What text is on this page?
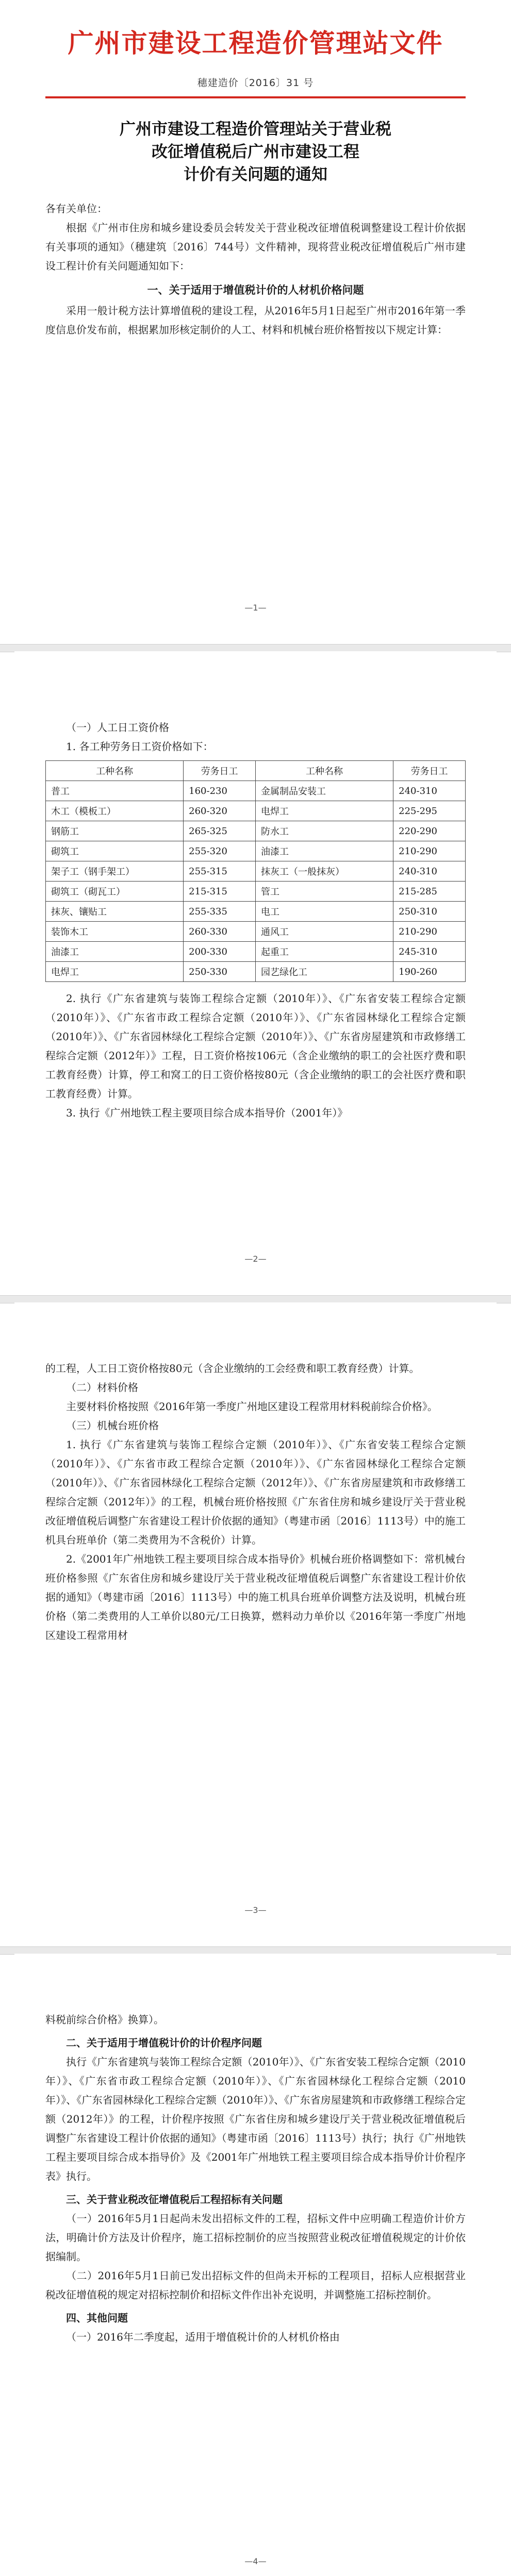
广州市建设工程造价管理站文件
穗建造价〔2016〕31 号
广州市建设工程造价管理站关于营业税
改征增值税后广州市建设工程
计价有关问题的通知

各有关单位：

根据《广州市住房和城乡建设委员会转发关于营业税改征增值税调整建设工程计价依据有关事项的通知》（穗建筑〔2016〕744号）文件精神，现将营业税改征增值税后广州市建设工程计价有关问题通知如下：

一、关于适用于增值税计价的人材机价格问题

采用一般计税方法计算增值税的建设工程，从2016年5月1日起至广州市2016年第一季度信息价发布前，根据累加形核定制价的人工、材料和机械台班价格暂按以下规定计算：

—1—

（一）人工日工资价格

1. 各工种劳务日工资价格如下：

工种名称	劳务日工	工种名称	劳务日工
普工	160-230	金属制品安装工	240-310
木工（模板工）	260-320	电焊工	225-295
钢筋工	265-325	防水工	220-290
砌筑工	255-320	油漆工	210-290
架子工（钢手架工）	255-315	抹灰工（一般抹灰）	240-310
砌筑工（砌瓦工）	215-315	管工	215-285
抹灰、镶贴工	255-335	电工	250-310
装饰木工	260-330	通风工	210-290
油漆工	200-330	起重工	245-310
电焊工	250-330	园艺绿化工	190-260

2. 执行《广东省建筑与装饰工程综合定额（2010年）》、《广东省安装工程综合定额（2010年）》、《广东省市政工程综合定额（2010年）》、《广东省园林绿化工程综合定额（2010年）》、《广东省园林绿化工程综合定额（2010年）》、《广东省房屋建筑和市政修缮工程综合定额（2012年）》工程，日工资价格按106元（含企业缴纳的职工的会社医疗费和职工教育经费）计算，停工和窝工的日工资价格按80元（含企业缴纳的职工的会社医疗费和职工教育经费）计算。

3. 执行《广州地铁工程主要项目综合成本指导价（2001年）》

—2—

的工程，人工日工资价格按80元（含企业缴纳的工会经费和职工教育经费）计算。

（二）材料价格

主要材料价格按照《2016年第一季度广州地区建设工程常用材料税前综合价格》。

（三）机械台班价格

1. 执行《广东省建筑与装饰工程综合定额（2010年）》、《广东省安装工程综合定额（2010年）》、《广东省市政工程综合定额（2010年）》、《广东省园林绿化工程综合定额（2010年）》、《广东省园林绿化工程综合定额（2012年）》、《广东省房屋建筑和市政修缮工程综合定额（2012年）》的工程，机械台班价格按照《广东省住房和城乡建设厅关于营业税改征增值税后调整广东省建设工程计价依据的通知》（粤建市函〔2016〕1113号）中的施工机具台班单价（第二类费用为不含税价）计算。

2.《2001年广州地铁工程主要项目综合成本指导价》机械台班价格调整如下：常机械台班价格参照《广东省住房和城乡建设厅关于营业税改征增值税后调整广东省建设工程计价依据的通知》（粤建市函〔2016〕1113号）中的施工机具台班单价调整方法及说明，机械台班价格（第二类费用的人工单价以80元/工日换算，燃料动力单价以《2016年第一季度广州地区建设工程常用材

—3—

料税前综合价格》换算）。

二、关于适用于增值税计价的计价程序问题

执行《广东省建筑与装饰工程综合定额（2010年）》、《广东省安装工程综合定额（2010年）》、《广东省市政工程综合定额（2010年）》、《广东省园林绿化工程综合定额（2010年）》、《广东省园林绿化工程综合定额（2010年）》、《广东省房屋建筑和市政修缮工程综合定额（2012年）》的工程，计价程序按照《广东省住房和城乡建设厅关于营业税改征增值税后调整广东省建设工程计价依据的通知》（粤建市函〔2016〕1113号）执行；执行《广州地铁工程主要项目综合成本指导价》及《2001年广州地铁工程主要项目综合成本指导价计价程序表》执行。

三、关于营业税改征增值税后工程招标有关问题

（一）2016年5月1日起尚未发出招标文件的工程，招标文件中应明确工程造价计价方法，明确计价方法及计价程序，施工招标控制价的应当按照营业税改征增值税规定的计价依据编制。

（二）2016年5月1日前已发出招标文件的但尚未开标的工程项目，招标人应根据营业税改征增值税的规定对招标控制价和招标文件作出补充说明，并调整施工招标控制价。

四、其他问题

（一）2016年二季度起，适用于增值税计价的人材机价格由

—4—
